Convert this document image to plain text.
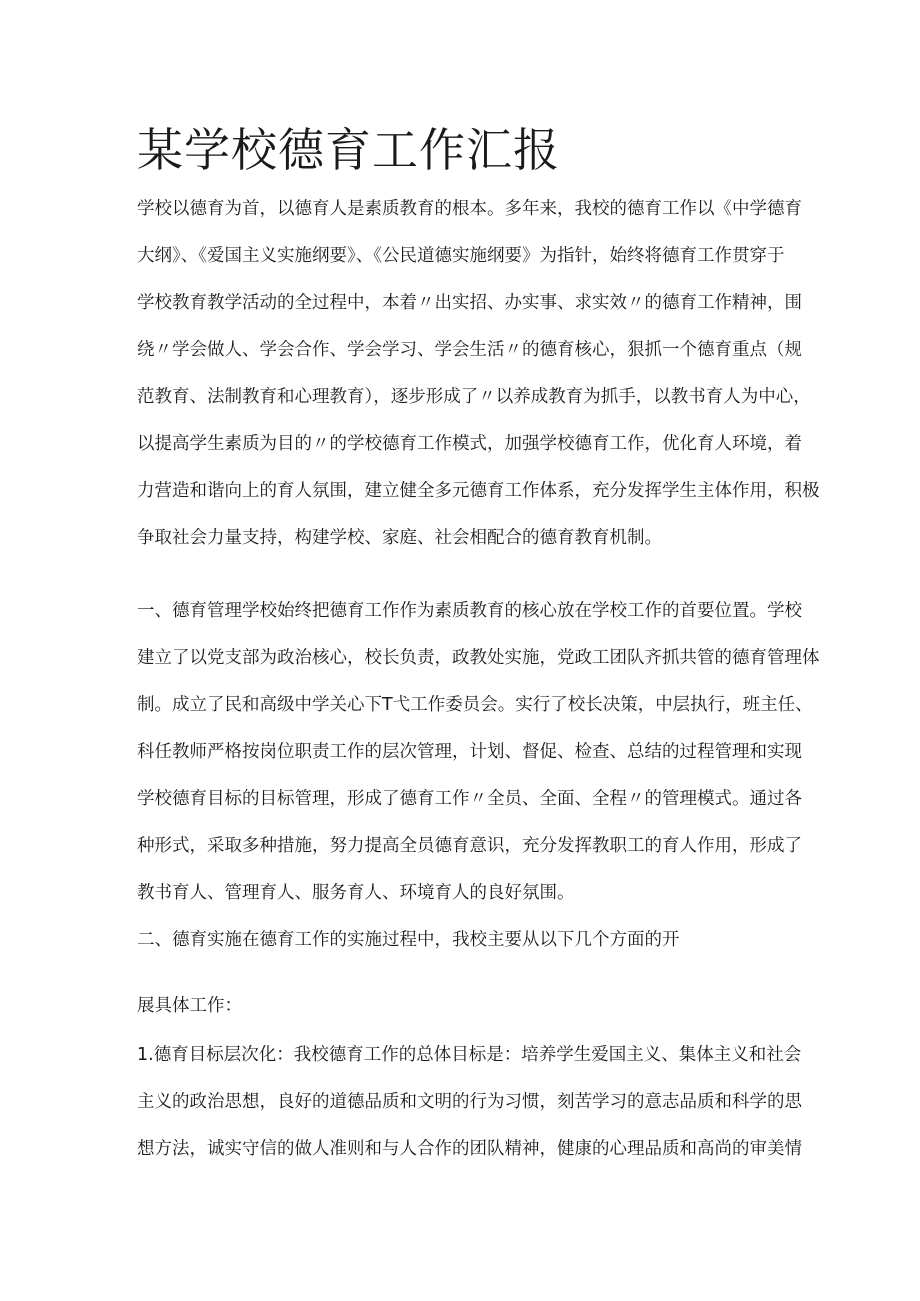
某学校德育工作汇报

学校以德育为首，以德育人是素质教育的根本。多年来，我校的德育工作以《中学德育

大纲》、《爱国主义实施纲要》、《公民道德实施纲要》为指针，始终将德育工作贯穿于

学校教育教学活动的全过程中，本着〃出实招、办实事、求实效〃的德育工作精神，围

绕〃学会做人、学会合作、学会学习、学会生活〃的德育核心，狠抓一个德育重点（规

范教育、法制教育和心理教育），逐步形成了〃以养成教育为抓手，以教书育人为中心，

以提高学生素质为目的〃的学校德育工作模式，加强学校德育工作，优化育人环境，着

力营造和谐向上的育人氛围，建立健全多元德育工作体系，充分发挥学生主体作用，积极

争取社会力量支持，构建学校、家庭、社会相配合的德育教育机制。

一、德育管理学校始终把德育工作作为素质教育的核心放在学校工作的首要位置。学校

建立了以党支部为政治核心，校长负责，政教处实施，党政工团队齐抓共管的德育管理体

制。成立了民和高级中学关心下T弋工作委员会。实行了校长决策，中层执行，班主任、

科任教师严格按岗位职责工作的层次管理，计划、督促、检查、总结的过程管理和实现

学校德育目标的目标管理，形成了德育工作〃全员、全面、全程〃的管理模式。通过各

种形式，采取多种措施，努力提高全员德育意识，充分发挥教职工的育人作用，形成了

教书育人、管理育人、服务育人、环境育人的良好氛围。

二、德育实施在德育工作的实施过程中，我校主要从以下几个方面的开

展具体工作：

1.德育目标层次化：我校德育工作的总体目标是：培养学生爱国主义、集体主义和社会

主义的政治思想，良好的道德品质和文明的行为习惯，刻苦学习的意志品质和科学的思

想方法，诚实守信的做人准则和与人合作的团队精神，健康的心理品质和高尚的审美情
